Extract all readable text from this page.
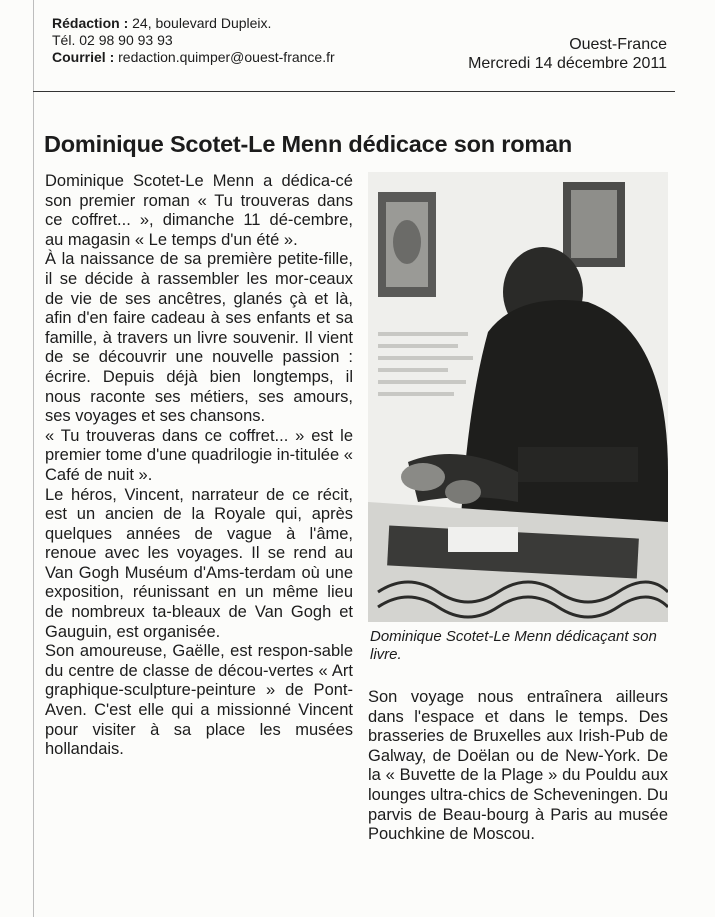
Rédaction : 24, boulevard Dupleix.
Tél. 02 98 90 93 93
Courriel : redaction.quimper@ouest-france.fr
Ouest-France
Mercredi 14 décembre 2011
Dominique Scotet-Le Menn dédicace son roman

Dominique Scotet-Le Menn a dédica-cé son premier roman « Tu trouveras dans ce coffret... », dimanche 11 dé-cembre, au magasin « Le temps d'un été ».

À la naissance de sa première petite-fille, il se décide à rassembler les mor-ceaux de vie de ses ancêtres, glanés çà et là, afin d'en faire cadeau à ses enfants et sa famille, à travers un livre souvenir. Il vient de se découvrir une nouvelle passion : écrire. Depuis déjà bien longtemps, il nous raconte ses métiers, ses amours, ses voyages et ses chansons.

« Tu trouveras dans ce coffret... » est le premier tome d'une quadrilogie in-titulée « Café de nuit ».

Le héros, Vincent, narrateur de ce récit, est un ancien de la Royale qui, après quelques années de vague à l'âme, renoue avec les voyages. Il se rend au Van Gogh Muséum d'Ams-terdam où une exposition, réunissant en un même lieu de nombreux ta-bleaux de Van Gogh et Gauguin, est organisée.

Son amoureuse, Gaëlle, est respon-sable du centre de classe de décou-vertes « Art graphique-sculpture-peinture » de Pont-Aven. C'est elle qui a missionné Vincent pour visiter à sa place les musées hollandais.

Dominique Scotet-Le Menn dédicaçant son livre.

Son voyage nous entraînera ailleurs dans l'espace et dans le temps. Des brasseries de Bruxelles aux Irish-Pub de Galway, de Doëlan ou de New-York. De la « Buvette de la Plage » du Pouldu aux lounges ultra-chics de Scheveningen. Du parvis de Beau-bourg à Paris au musée Pouchkine de Moscou.
